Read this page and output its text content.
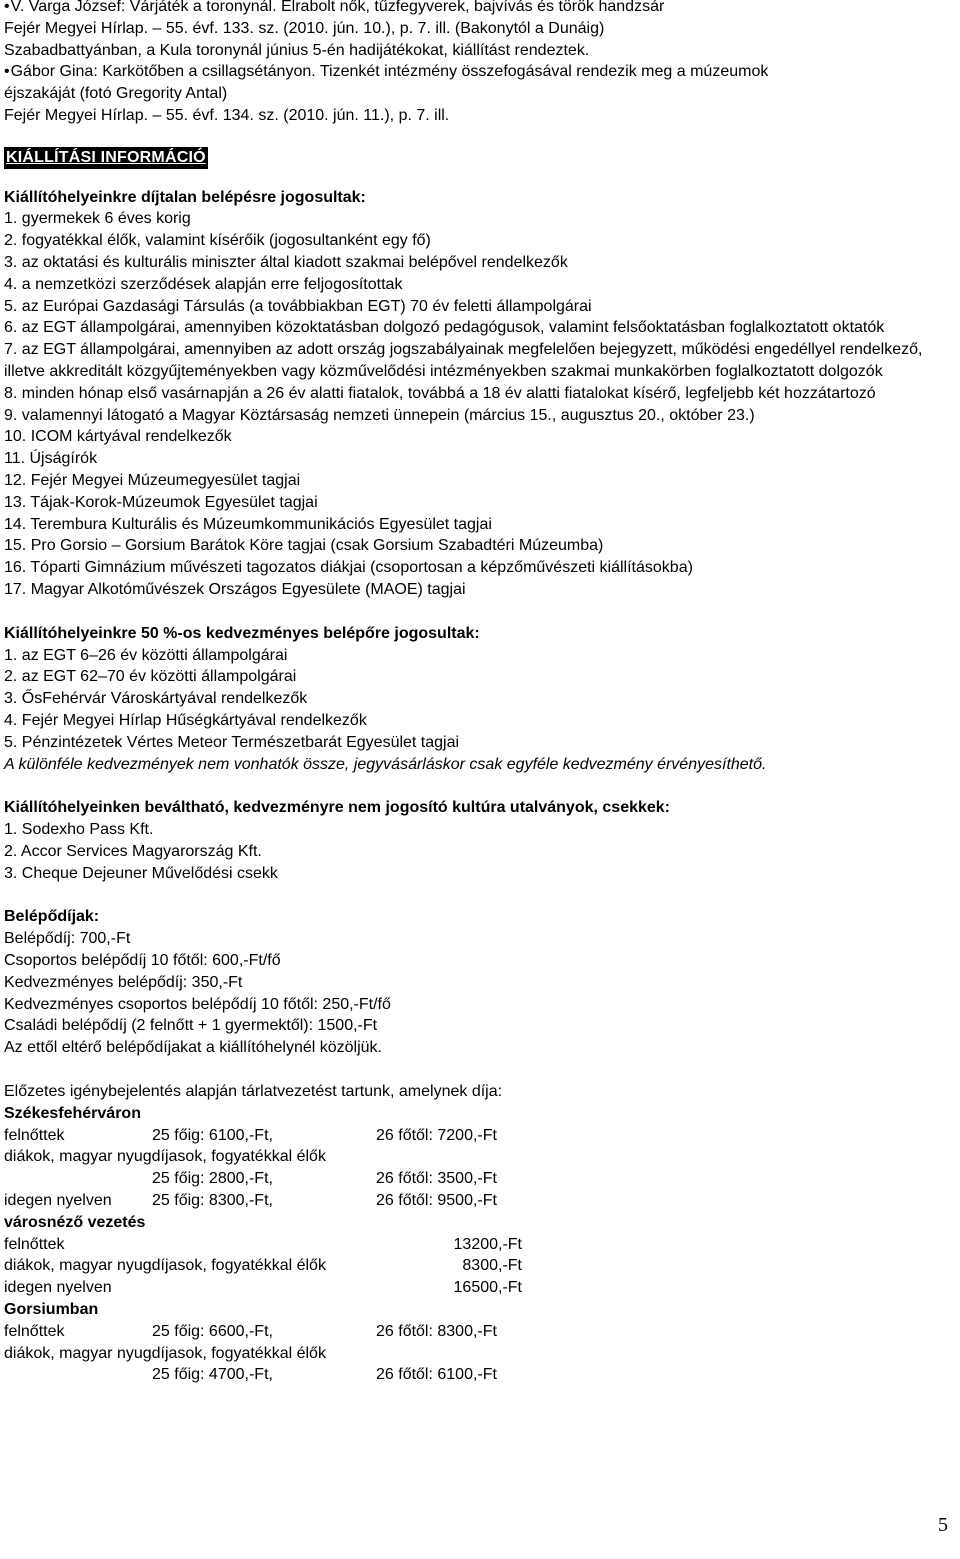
• V. Varga József: Várjáték a toronynál. Elrabolt nők, tűzfegyverek, bajvívás és török handzsár
Fejér Megyei Hírlap. – 55. évf. 133. sz. (2010. jún. 10.), p. 7. ill. (Bakonytól a Dunáig)
Szabadbattyánban, a Kula toronynál június 5-én hadijátékokat, kiállítást rendeztek.
• Gábor Gina: Karkötőben a csillagsétányon. Tizenkét intézmény összefogásával rendezik meg a múzeumok
éjszakáját (fotó Gregority Antal)
Fejér Megyei Hírlap. – 55. évf. 134. sz. (2010. jún. 11.), p. 7. ill.
KIÁLLÍTÁSI INFORMÁCIÓ
Kiállítóhelyeinkre díjtalan belépésre jogosultak:
1. gyermekek 6 éves korig
2. fogyatékkal élők, valamint kísérőik (jogosultanként egy fő)
3. az oktatási és kulturális miniszter által kiadott szakmai belépővel rendelkezők
4. a nemzetközi szerződések alapján erre feljogosítottak
5. az Európai Gazdasági Társulás (a továbbiakban EGT) 70 év feletti állampolgárai
6. az EGT állampolgárai, amennyiben közoktatásban dolgozó pedagógusok, valamint felsőoktatásban foglalkoztatott oktatók
7. az EGT állampolgárai, amennyiben az adott ország jogszabályainak megfelelően bejegyzett, működési engedéllyel rendelkező, illetve akkreditált közgyűjteményekben vagy közművelődési intézményekben szakmai munkakörben foglalkoztatott dolgozók
8. minden hónap első vasárnapján a 26 év alatti fiatalok, továbbá a 18 év alatti fiatalokat kísérő, legfeljebb két hozzátartozó
9. valamennyi látogató a Magyar Köztársaság nemzeti ünnepein (március 15., augusztus 20., október 23.)
10. ICOM kártyával rendelkezők
11. Újságírók
12. Fejér Megyei Múzeumegyesület tagjai
13. Tájak-Korok-Múzeumok Egyesület tagjai
14. Terembura Kulturális és Múzeumkommunikációs Egyesület tagjai
15. Pro Gorsio – Gorsium Barátok Köre tagjai (csak Gorsium Szabadtéri Múzeumba)
16. Tóparti Gimnázium művészeti tagozatos diákjai (csoportosan a képzőművészeti kiállításokba)
17. Magyar Alkotóművészek Országos Egyesülete (MAOE) tagjai
Kiállítóhelyeinkre 50 %-os kedvezményes belépőre jogosultak:
1. az EGT 6–26 év közötti állampolgárai
2. az EGT 62–70 év közötti állampolgárai
3. ŐsFehérvár Városkártyával rendelkezők
4. Fejér Megyei Hírlap Hűségkártyával rendelkezők
5. Pénzintézetek Vértes Meteor Természetbarát Egyesület tagjai
A különféle kedvezmények nem vonhatók össze, jegyvásárláskor csak egyféle kedvezmény érvényesíthető.
Kiállítóhelyeinken beváltható, kedvezményre nem jogosító kultúra utalványok, csekkek:
1. Sodexho Pass Kft.
2. Accor Services Magyarország Kft.
3. Cheque Dejeuner Művelődési csekk
Belépődíjak:
Belépődíj: 700,-Ft
Csoportos belépődíj 10 főtől: 600,-Ft/fő
Kedvezményes belépődíj: 350,-Ft
Kedvezményes csoportos belépődíj 10 főtől: 250,-Ft/fő
Családi belépődíj (2 felnőtt + 1 gyermektől): 1500,-Ft
Az ettől eltérő belépődíjakat a kiállítóhelynél közöljük.
Előzetes igénybejelentés alapján tárlatvezetést tartunk, amelynek díja:
Székesfehérváron
felnőttek	25 főig: 6100,-Ft,	26 főtől: 7200,-Ft
diákok, magyar nyugdíjasok, fogyatékkal élők
25 főig: 2800,-Ft,	26 főtől: 3500,-Ft
idegen nyelven	25 főig: 8300,-Ft,	26 főtől: 9500,-Ft
városnéző vezetés
felnőttek	13200,-Ft
diákok, magyar nyugdíjasok, fogyatékkal élők	8300,-Ft
idegen nyelven	16500,-Ft
Gorsiumban
felnőttek	25 főig: 6600,-Ft,	26 főtől: 8300,-Ft
diákok, magyar nyugdíjasok, fogyatékkal élők
25 főig: 4700,-Ft,	26 főtől: 6100,-Ft
5
